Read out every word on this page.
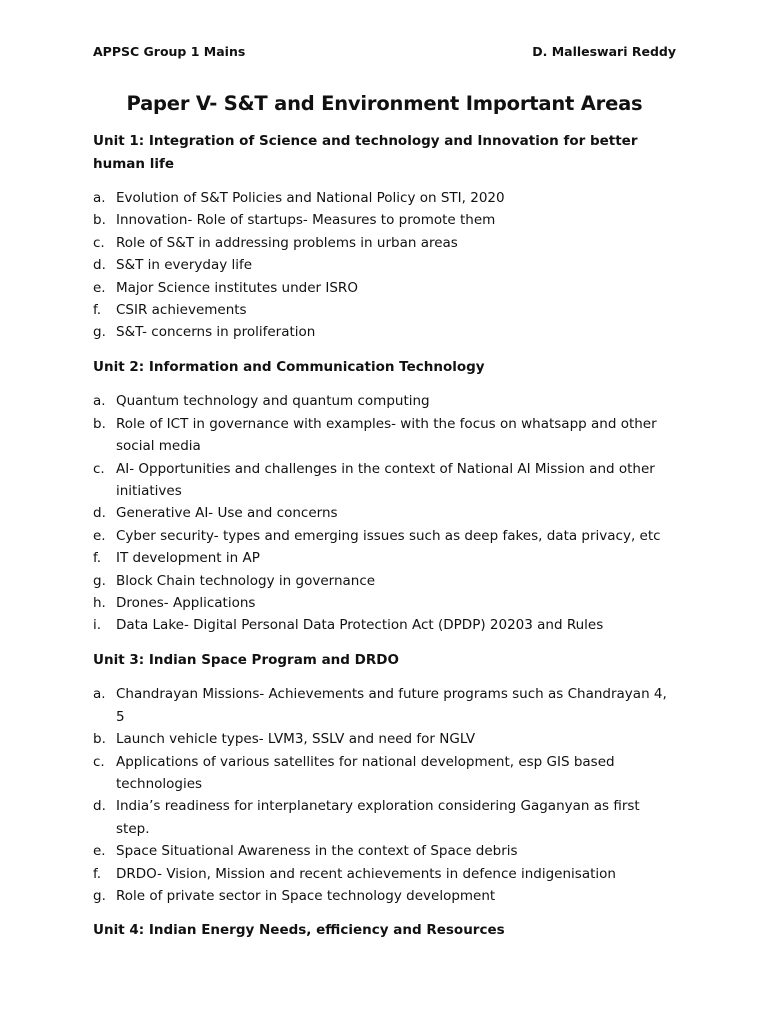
APPSC Group 1 Mains	D. Malleswari Reddy
Paper V- S&T and Environment Important Areas
Unit 1: Integration of Science and technology and Innovation for better human life
a. Evolution of S&T Policies and National Policy on STI, 2020
b. Innovation- Role of startups- Measures to promote them
c. Role of S&T in addressing problems in urban areas
d. S&T in everyday life
e. Major Science institutes under ISRO
f.	CSIR achievements
g. S&T- concerns in proliferation
Unit 2: Information and Communication Technology
a. Quantum technology and quantum computing
b. Role of ICT in governance with examples- with the focus on whatsapp and other social media
c. AI- Opportunities and challenges in the context of National AI Mission and other initiatives
d. Generative AI- Use and concerns
e. Cyber security- types and emerging issues such as deep fakes, data privacy, etc
f.	IT development in AP
g. Block Chain technology in governance
h. Drones- Applications
i.	Data Lake- Digital Personal Data Protection Act (DPDP) 20203 and Rules
Unit 3: Indian Space Program and DRDO
a. Chandrayan Missions- Achievements and future programs such as Chandrayan 4, 5
b. Launch vehicle types- LVM3, SSLV and need for NGLV
c. Applications of various satellites for national development, esp GIS based technologies
d. India’s readiness for interplanetary exploration considering Gaganyan as first step.
e. Space Situational Awareness in the context of Space debris
f.	DRDO- Vision, Mission and recent achievements in defence indigenisation
g. Role of private sector in Space technology development
Unit 4: Indian Energy Needs, efficiency and Resources
